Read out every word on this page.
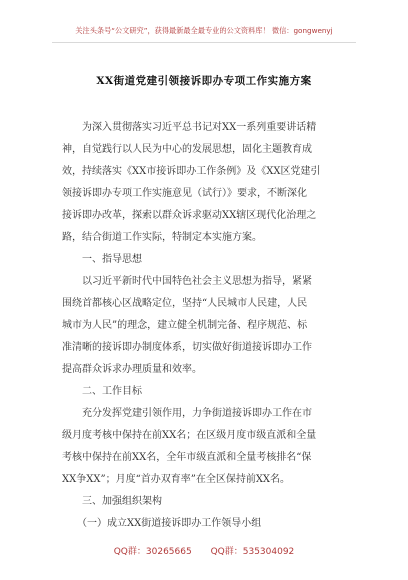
关注头条号“公文研究”，获得最新最全最专业的公文资料库！ 微信：gongwenyj
XX街道党建引领接诉即办专项工作实施方案
　　为深入贯彻落实习近平总书记对XX一系列重要讲话精
神，自觉践行以人民为中心的发展思想，固化主题教育成
效，持续落实《XX市接诉即办工作条例》及《XX区党建引
领接诉即办专项工作实施意见（试行）》要求，不断深化
接诉即办改革，探索以群众诉求驱动XX辖区现代化治理之
路，结合街道工作实际，特制定本实施方案。
　　一、指导思想
　　以习近平新时代中国特色社会主义思想为指导，紧紧
围绕首都核心区战略定位，坚持“人民城市人民建，人民
城市为人民”的理念，建立健全机制完备、程序规范、标
准清晰的接诉即办制度体系，切实做好街道接诉即办工作
提高群众诉求办理质量和效率。
　　二、工作目标
　　充分发挥党建引领作用，力争街道接诉即办工作在市
级月度考核中保持在前XX名；在区级月度市级直派和全量
考核中保持在前XX名，全年市级直派和全量考核排名“保
XX争XX”；月度“首办双育率”在全区保持前XX名。
　　三、加强组织架构
　　（一）成立XX街道接诉即办工作领导小组
QQ群：30265665 QQ群：535304092
